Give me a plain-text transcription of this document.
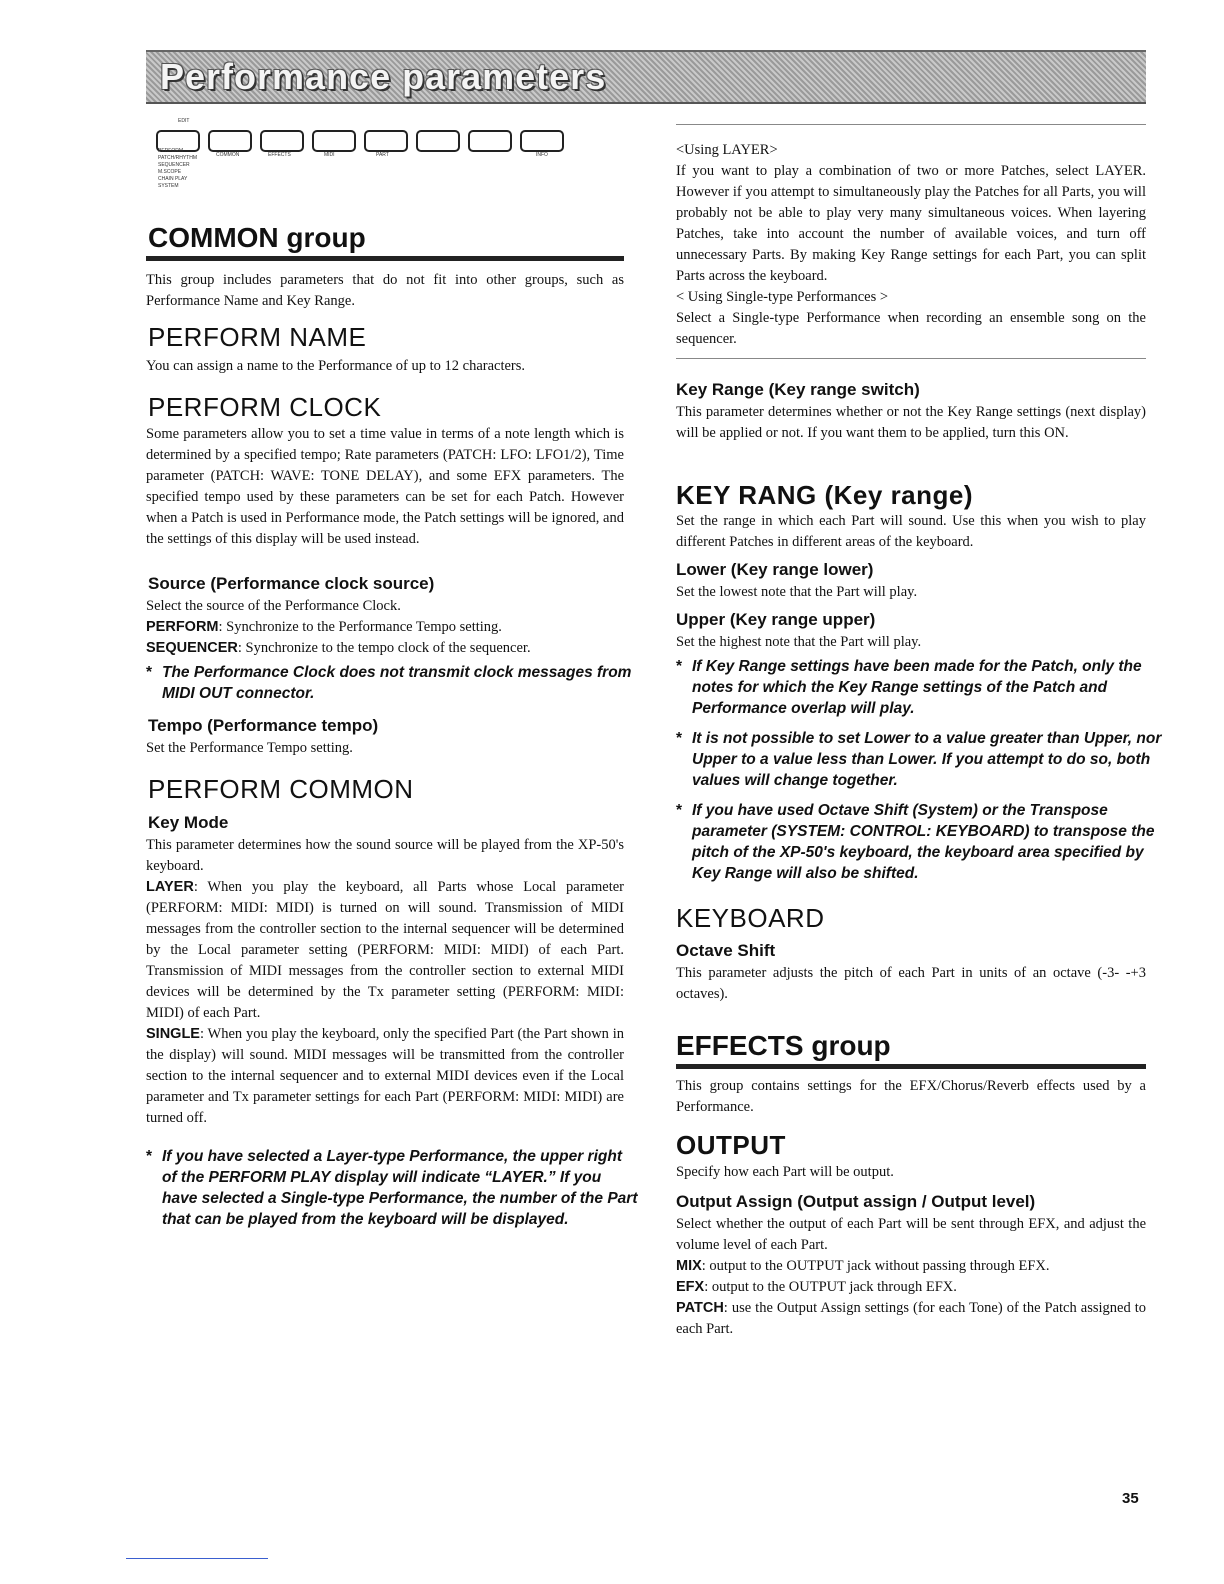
Performance parameters
EDIT
COMMON	EFFECTS	MIDI	PART	INFO
PERFORM
PATCH/RHYTHM
SEQUENCER
M.SCOPE
CHAIN PLAY
SYSTEM
COMMON group

This group includes parameters that do not fit into other groups, such as Performance Name and Key Range.

PERFORM NAME

You can assign a name to the Performance of up to 12 characters.

PERFORM CLOCK

Some parameters allow you to set a time value in terms of a note length which is determined by a specified tempo; Rate parameters (PATCH: LFO: LFO1/2), Time parameter (PATCH: WAVE: TONE DELAY), and some EFX parameters. The specified tempo used by these parameters can be set for each Patch. However when a Patch is used in Performance mode, the Patch settings will be ignored, and the settings of this display will be used instead.

Source (Performance clock source)

Select the source of the Performance Clock.

PERFORM: Synchronize to the Performance Tempo setting.

SEQUENCER: Synchronize to the tempo clock of the sequencer.

* The Performance Clock does not transmit clock messages from MIDI OUT connector.
Tempo (Performance tempo)

Set the Performance Tempo setting.

PERFORM COMMON
Key Mode

This parameter determines how the sound source will be played from the XP-50's keyboard.

LAYER: When you play the keyboard, all Parts whose Local parameter (PERFORM: MIDI: MIDI) is turned on will sound. Transmission of MIDI messages from the controller section to the internal sequencer will be determined by the Local parameter setting (PERFORM: MIDI: MIDI) of each Part. Transmission of MIDI messages from the controller section to external MIDI devices will be determined by the Tx parameter setting (PERFORM: MIDI: MIDI) of each Part.

SINGLE: When you play the keyboard, only the specified Part (the Part shown in the display) will sound. MIDI messages will be transmitted from the controller section to the internal sequencer and to external MIDI devices even if the Local parameter and Tx parameter settings for each Part (PERFORM: MIDI: MIDI) are turned off.

* If you have selected a Layer-type Performance, the upper right of the PERFORM PLAY display will indicate “LAYER.” If you have selected a Single-type Performance, the number of the Part that can be played from the keyboard will be displayed.

<Using LAYER>

If you want to play a combination of two or more Patches, select LAYER. However if you attempt to simultaneously play the Patches for all Parts, you will probably not be able to play very many simultaneous voices. When layering Patches, take into account the number of available voices, and turn off unnecessary Parts. By making Key Range settings for each Part, you can split Parts across the keyboard.

< Using Single-type Performances >

Select a Single-type Performance when recording an ensemble song on the sequencer.

Key Range (Key range switch)

This parameter determines whether or not the Key Range settings (next display) will be applied or not. If you want them to be applied, turn this ON.

KEY RANG (Key range)

Set the range in which each Part will sound. Use this when you wish to play different Patches in different areas of the keyboard.

Lower (Key range lower)

Set the lowest note that the Part will play.

Upper (Key range upper)

Set the highest note that the Part will play.

* If Key Range settings have been made for the Patch, only the notes for which the Key Range settings of the Patch and Performance overlap will play.
* It is not possible to set Lower to a value greater than Upper, nor Upper to a value less than Lower. If you attempt to do so, both values will change together.
* If you have used Octave Shift (System) or the Transpose parameter (SYSTEM: CONTROL: KEYBOARD) to transpose the pitch of the XP-50's keyboard, the keyboard area specified by Key Range will also be shifted.
KEYBOARD
Octave Shift

This parameter adjusts the pitch of each Part in units of an octave (-3- -+3 octaves).

EFFECTS group

This group contains settings for the EFX/Chorus/Reverb effects used by a Performance.

OUTPUT

Specify how each Part will be output.

Output Assign (Output assign / Output level)

Select whether the output of each Part will be sent through EFX, and adjust the volume level of each Part.

MIX: output to the OUTPUT jack without passing through EFX.

EFX: output to the OUTPUT jack through EFX.

PATCH: use the Output Assign settings (for each Tone) of the Patch assigned to each Part.

35
